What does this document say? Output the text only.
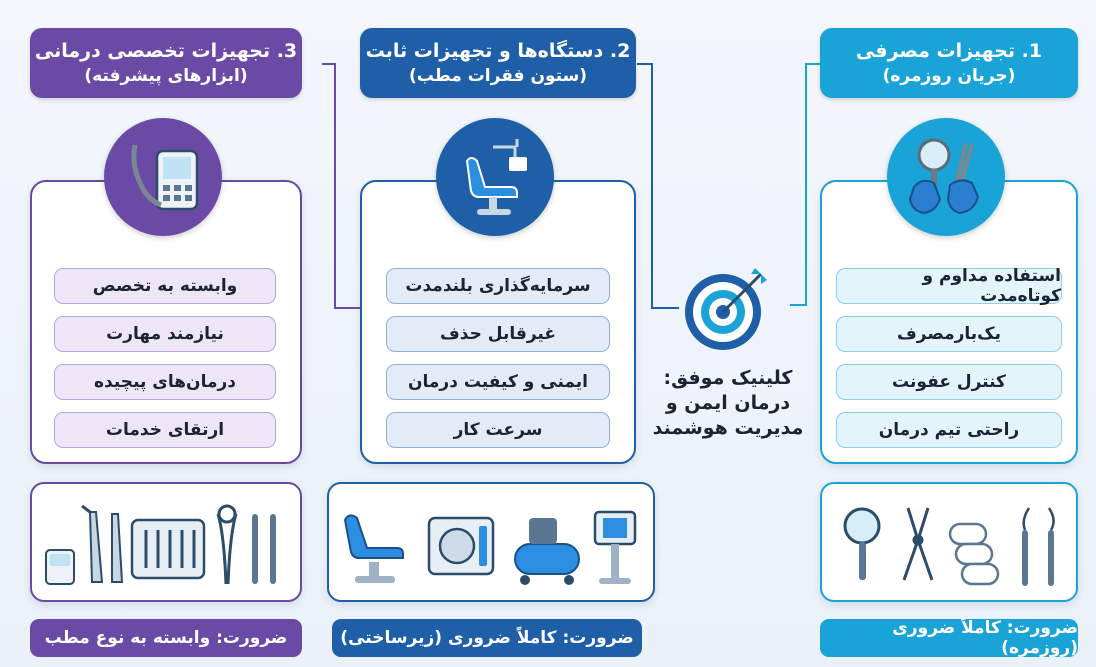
1. تجهیزات مصرفی
(جریان روزمره)
استفاده مداوم و کوتاه‌مدت
یک‌بارمصرف
کنترل عفونت
راحتی تیم درمان
ضرورت: کاملاً ضروری (روزمره)
2. دستگاه‌ها و تجهیزات ثابت
(ستون فقرات مطب)
سرمایه‌گذاری بلندمدت
غیرقابل حذف
ایمنی و کیفیت درمان
سرعت کار
ضرورت: کاملاً ضروری (زیرساختی)
3. تجهیزات تخصصی درمانی
(ابزارهای پیشرفته)
وابسته به تخصص
نیازمند مهارت
درمان‌های پیچیده
ارتقای خدمات
ضرورت: وابسته به نوع مطب
کلینیک موفق:
درمان ایمن و
مدیریت هوشمند
